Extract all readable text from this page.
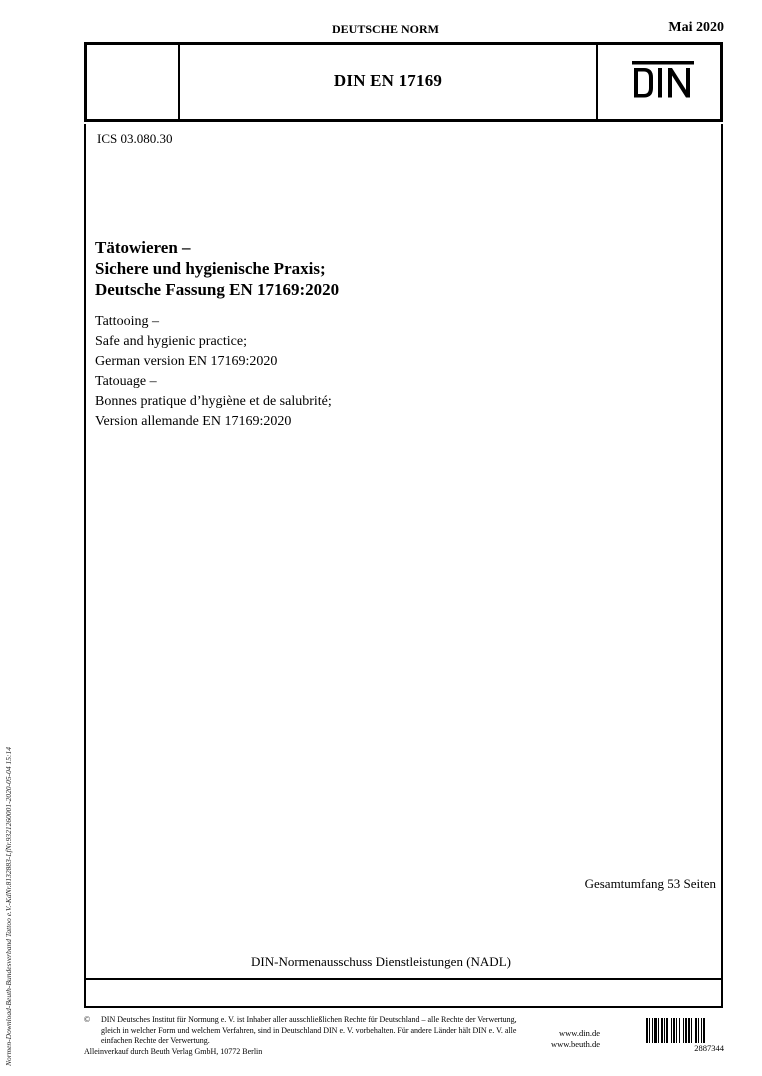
DEUTSCHE NORM	Mai 2020
DIN EN 17169
ICS 03.080.30
Tätowieren –
Sichere und hygienische Praxis;
Deutsche Fassung EN 17169:2020
Tattooing –
Safe and hygienic practice;
German version EN 17169:2020
Tatouage –
Bonnes pratique d’hygiène et de salubrité;
Version allemande EN 17169:2020
Gesamtumfang 53 Seiten
DIN-Normenausschuss Dienstleistungen (NADL)
© DIN Deutsches Institut für Normung e. V. ist Inhaber aller ausschließlichen Rechte für Deutschland – alle Rechte der Verwertung, gleich in welcher Form und welchem Verfahren, sind in Deutschland DIN e. V. vorbehalten. Für andere Länder hält DIN e. V. alle einfachen Rechte der Verwertung.
Alleinverkauf durch Beuth Verlag GmbH, 10772 Berlin
www.din.de
www.beuth.de	2887344
Normen-Download-Beuth-Bundesverband Tattoo e.V.-KdNr.8132883-LfNr.9321260001-2020-05-04 15:14
